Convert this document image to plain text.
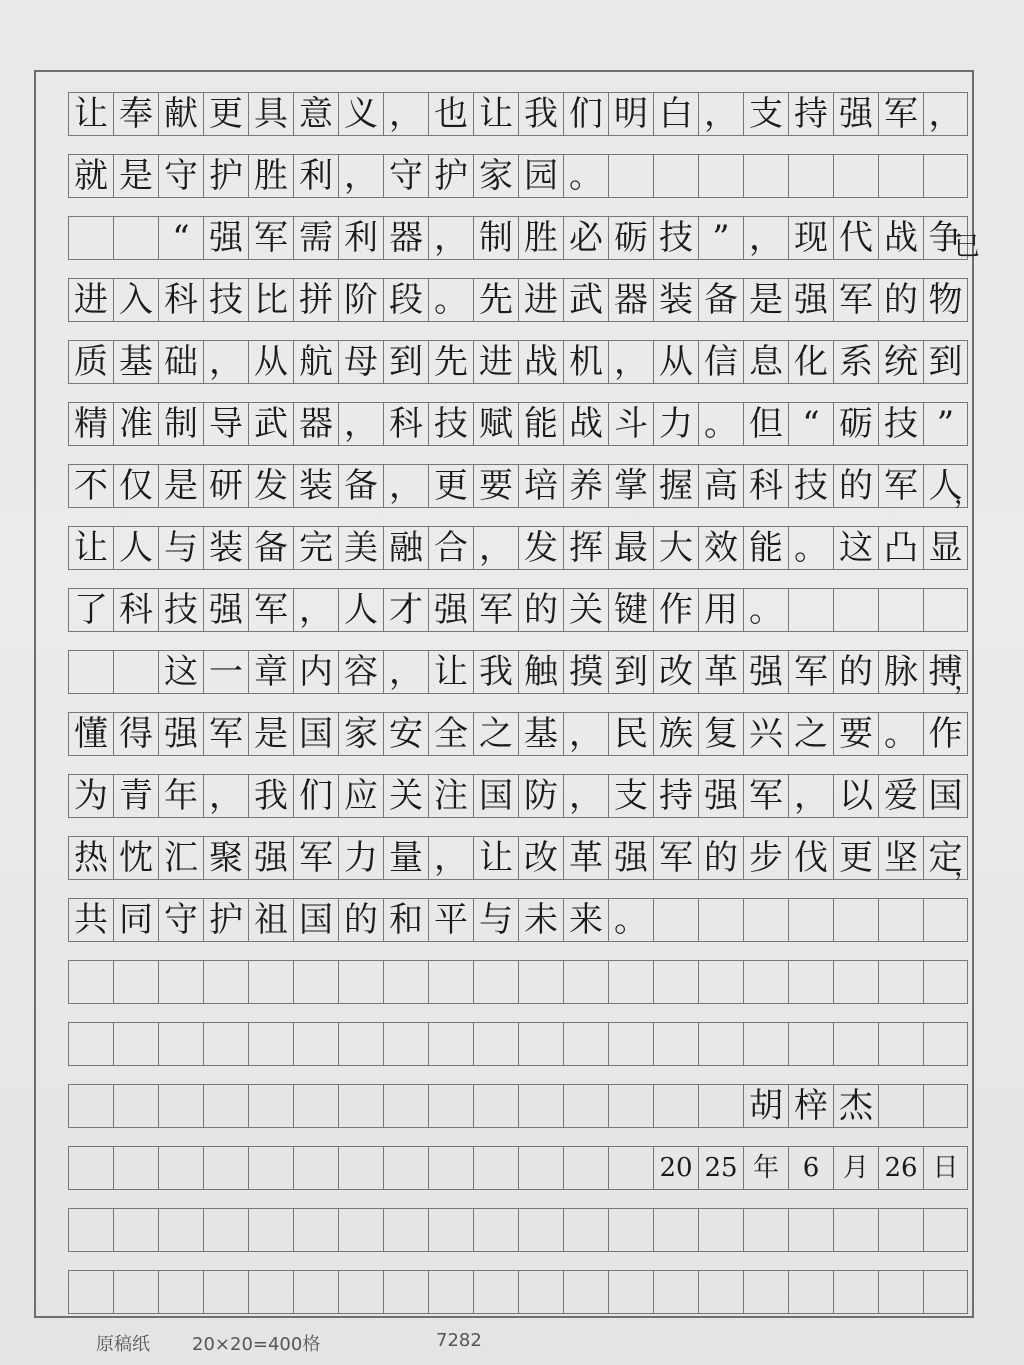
让 奉 献 更 具 意 义 ， 也 让 我 们 明 白 ， 支 持 强 军 ，
就 是 守 护 胜 利 ， 守 护 家 园 。
“ 强 军 需 利 器 ， 制 胜 必 砺 技 ” ， 现 代 战 争
已
进 入 科 技 比 拼 阶 段 。 先 进 武 器 装 备 是 强 军 的 物
质 基 础 ， 从 航 母 到 先 进 战 机 ， 从 信 息 化 系 统 到
精 准 制 导 武 器 ， 科 技 赋 能 战 斗 力 。 但 “ 砺 技 ”
不 仅 是 研 发 装 备 ， 更 要 培 养 掌 握 高 科 技 的 军 人
，
让 人 与 装 备 完 美 融 合 ， 发 挥 最 大 效 能 。 这 凸 显
了 科 技 强 军 ， 人 才 强 军 的 关 键 作 用 。
这 一 章 内 容 ， 让 我 触 摸 到 改 革 强 军 的 脉 搏
，
懂 得 强 军 是 国 家 安 全 之 基 ， 民 族 复 兴 之 要 。 作
为 青 年 ， 我 们 应 关 注 国 防 ， 支 持 强 军 ， 以 爱 国
热 忱 汇 聚 强 军 力 量 ， 让 改 革 强 军 的 步 伐 更 坚 定
，
共 同 守 护 祖 国 的 和 平 与 未 来 。
胡 梓 杰
20 25 年 6 月 26 日
原稿纸 20×20=400格	7282
